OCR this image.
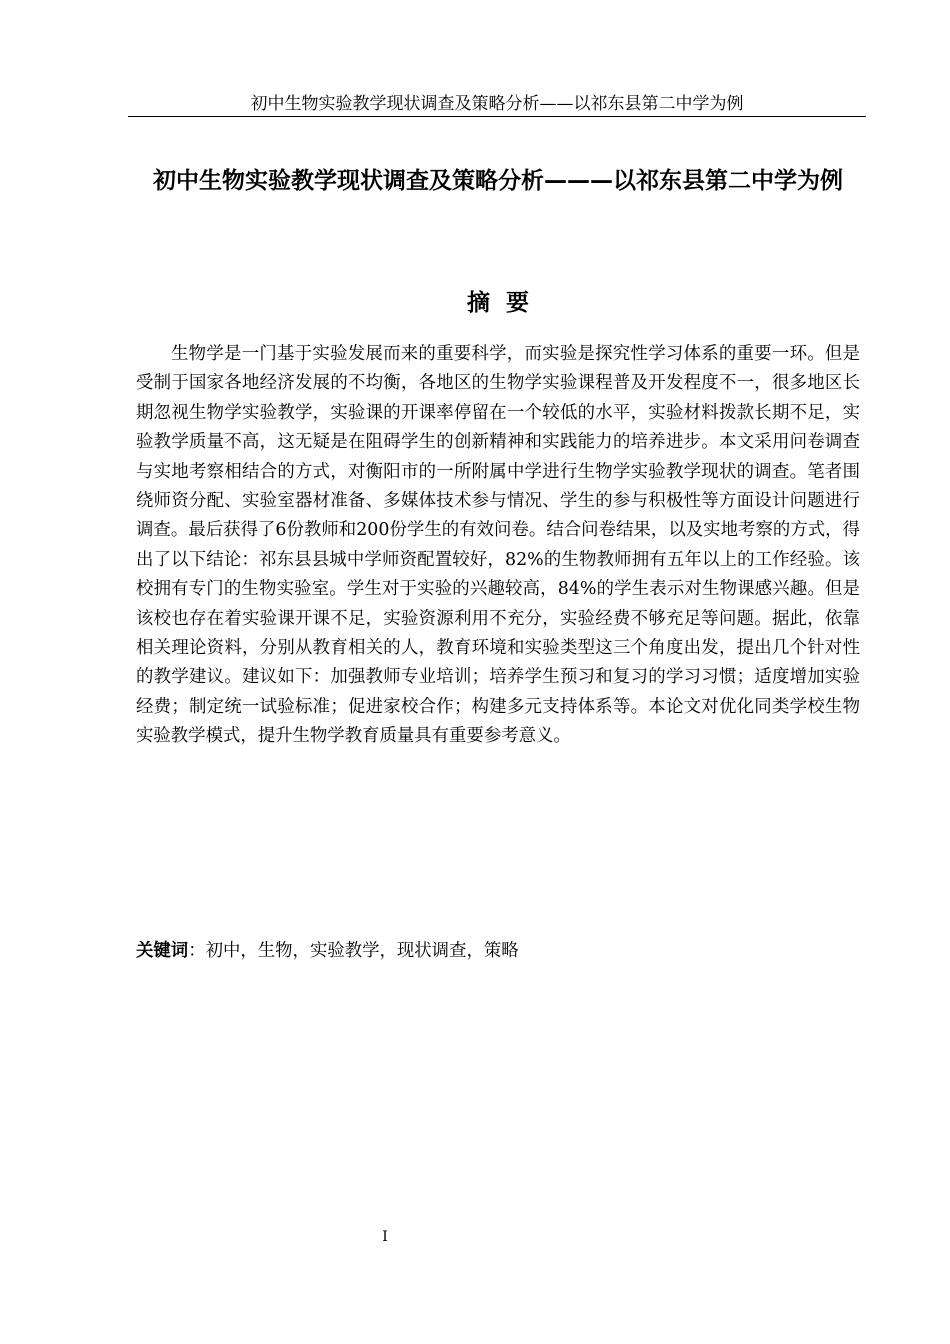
初中生物实验教学现状调查及策略分析——以祁东县第二中学为例
初中生物实验教学现状调查及策略分析———以祁东县第二中学为例
摘要

生物学是一门基于实验发展而来的重要科学，而实验是探究性学习体系的重要一环。但是受制于国家各地经济发展的不均衡，各地区的生物学实验课程普及开发程度不一，很多地区长期忽视生物学实验教学，实验课的开课率停留在一个较低的水平，实验材料拨款长期不足，实验教学质量不高，这无疑是在阻碍学生的创新精神和实践能力的培养进步。本文采用问卷调查与实地考察相结合的方式，对衡阳市的一所附属中学进行生物学实验教学现状的调查。笔者围绕师资分配、实验室器材准备、多媒体技术参与情况、学生的参与积极性等方面设计问题进行调查。最后获得了6份教师和200份学生的有效问卷。结合问卷结果，以及实地考察的方式，得出了以下结论：祁东县县城中学师资配置较好，82%的生物教师拥有五年以上的工作经验。该校拥有专门的生物实验室。学生对于实验的兴趣较高，84%的学生表示对生物课感兴趣。但是该校也存在着实验课开课不足，实验资源利用不充分，实验经费不够充足等问题。据此，依靠相关理论资料，分别从教育相关的人，教育环境和实验类型这三个角度出发，提出几个针对性的教学建议。建议如下：加强教师专业培训；培养学生预习和复习的学习习惯；适度增加实验经费；制定统一试验标准；促进家校合作；构建多元支持体系等。本论文对优化同类学校生物实验教学模式，提升生物学教育质量具有重要参考意义。

关键词：初中，生物，实验教学，现状调查，策略

I
